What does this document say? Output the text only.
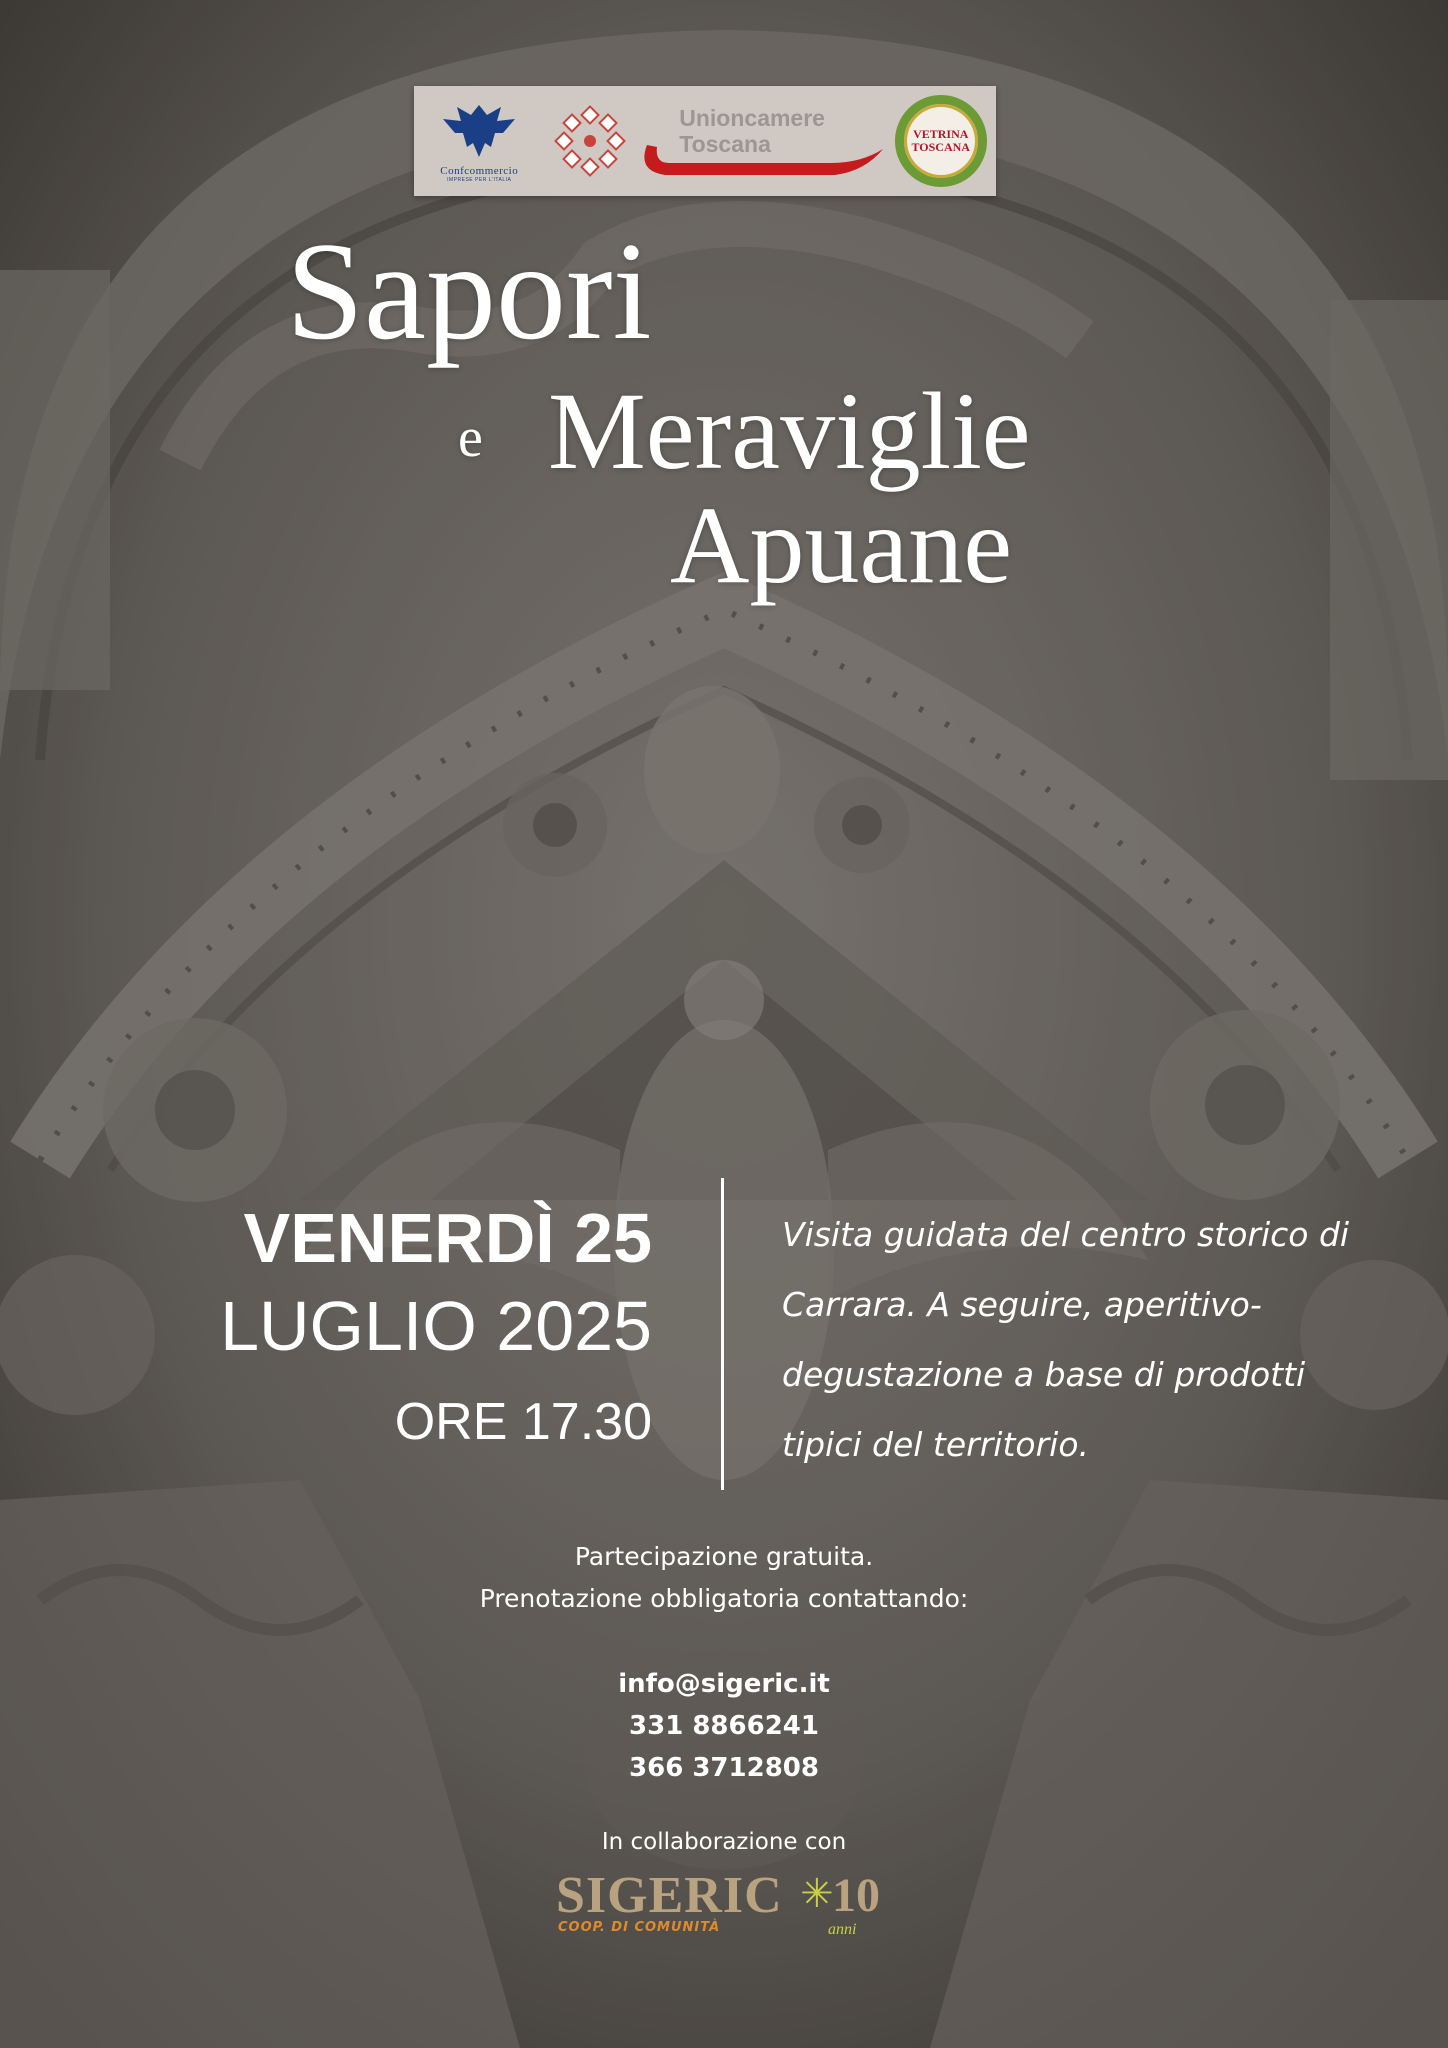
Confcommercio
IMPRESE PER L'ITALIA
Unioncamere
Toscana	VETRINA
TOSCANA
Sapori
e Meraviglie
Apuane
VENERDÌ 25
LUGLIO 2025
ORE 17.30
Visita guidata del centro storico di Carrara. A seguire, aperitivo-degustazione a base di prodotti tipici del territorio.
Partecipazione gratuita.
Prenotazione obbligatoria contattando:
info@sigeric.it
331 8866241
366 3712808
In collaborazione con
SIGERIC ✳
10
COOP. DI COMUNITÀ	anni
